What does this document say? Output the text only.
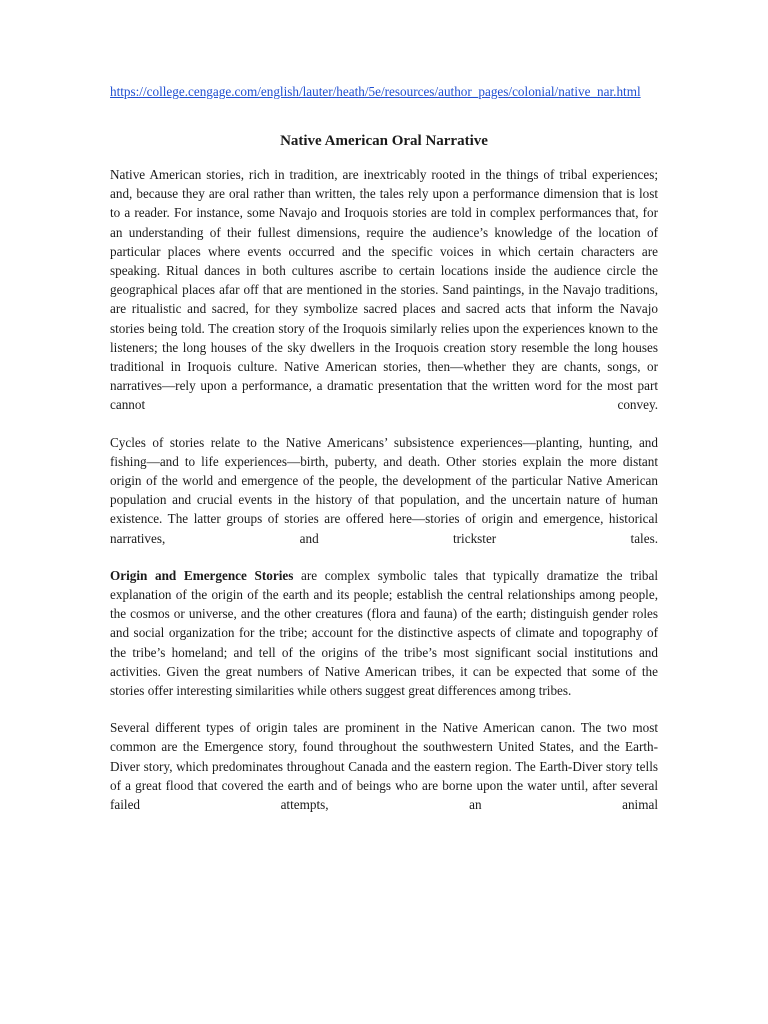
https://college.cengage.com/english/lauter/heath/5e/resources/author_pages/colonial/native_nar.html
Native American Oral Narrative

Native American stories, rich in tradition, are inextricably rooted in the things of tribal experiences; and, because they are oral rather than written, the tales rely upon a performance dimension that is lost to a reader. For instance, some Navajo and Iroquois stories are told in complex performances that, for an understanding of their fullest dimensions, require the audience’s knowledge of the location of particular places where events occurred and the specific voices in which certain characters are speaking. Ritual dances in both cultures ascribe to certain locations inside the audience circle the geographical places afar off that are mentioned in the stories. Sand paintings, in the Navajo traditions, are ritualistic and sacred, for they symbolize sacred places and sacred acts that inform the Navajo stories being told. The creation story of the Iroquois similarly relies upon the experiences known to the listeners; the long houses of the sky dwellers in the Iroquois creation story resemble the long houses traditional in Iroquois culture. Native American stories, then—whether they are chants, songs, or narratives—rely upon a performance, a dramatic presentation that the written word for the most part cannot convey.

Cycles of stories relate to the Native Americans’ subsistence experiences—planting, hunting, and fishing—and to life experiences—birth, puberty, and death. Other stories explain the more distant origin of the world and emergence of the people, the development of the particular Native American population and crucial events in the history of that population, and the uncertain nature of human existence. The latter groups of stories are offered here—stories of origin and emergence, historical narratives, and trickster tales.

Origin and Emergence Stories are complex symbolic tales that typically dramatize the tribal explanation of the origin of the earth and its people; establish the central relationships among people, the cosmos or universe, and the other creatures (flora and fauna) of the earth; distinguish gender roles and social organization for the tribe; account for the distinctive aspects of climate and topography of the tribe’s homeland; and tell of the origins of the tribe’s most significant social institutions and activities. Given the great numbers of Native American tribes, it can be expected that some of the stories offer interesting similarities while others suggest great differences among tribes.

Several different types of origin tales are prominent in the Native American canon. The two most common are the Emergence story, found throughout the southwestern United States, and the Earth-Diver story, which predominates throughout Canada and the eastern region. The Earth-Diver story tells of a great flood that covered the earth and of beings who are borne upon the water until, after several failed attempts, an animal
